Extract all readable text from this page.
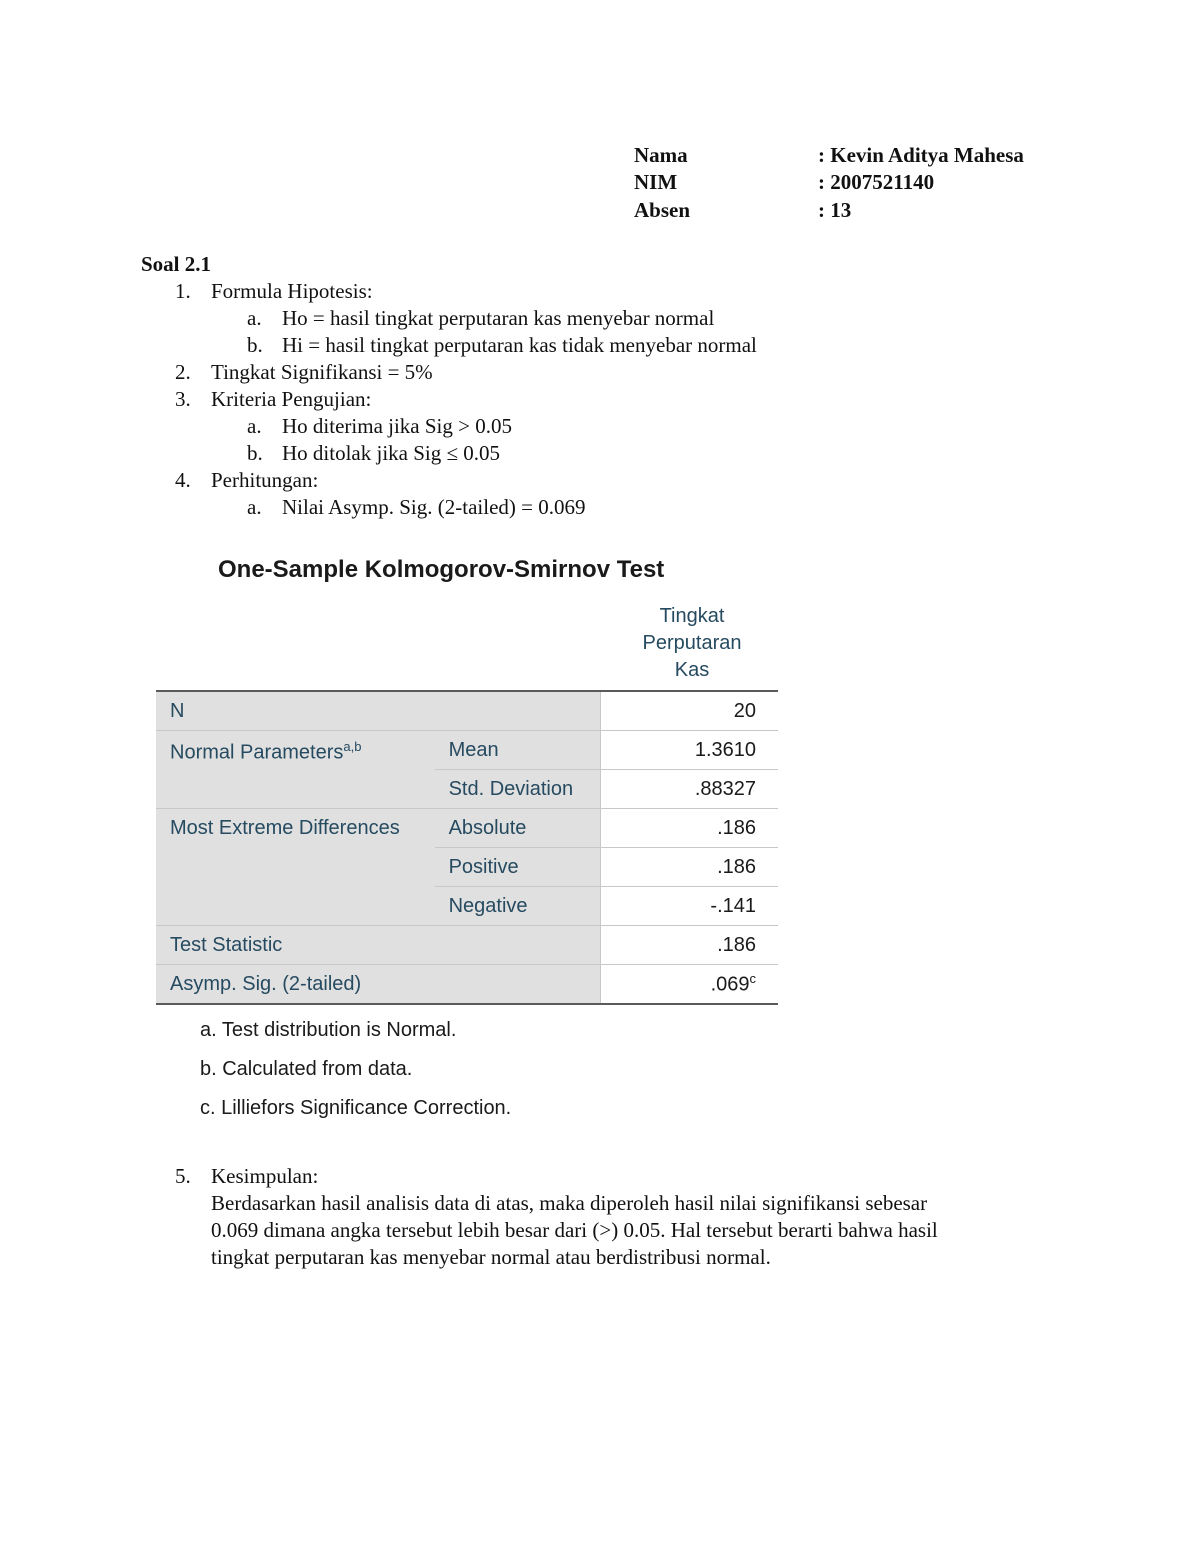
Nama	: Kevin Aditya Mahesa
NIM	: 2007521140
Absen	: 13
Soal 2.1
1. Formula Hipotesis:
a. Ho = hasil tingkat perputaran kas menyebar normal
b. Hi = hasil tingkat perputaran kas tidak menyebar normal
2. Tingkat Signifikansi = 5%
3. Kriteria Pengujian:
a. Ho diterima jika Sig > 0.05
b. Ho ditolak jika Sig ≤ 0.05
4. Perhitungan:
a. Nilai Asymp. Sig. (2-tailed) = 0.069
One-Sample Kolmogorov-Smirnov Test
Tingkat
Perputaran
Kas
N		20
Normal Parameters$^{a,b}$	Mean	1.3610
	Std. Deviation	.88327
Most Extreme Differences	Absolute	.186
	Positive	.186
	Negative	-.141
Test Statistic		.186
Asymp. Sig. (2-tailed)		.069$^c$
a. Test distribution is Normal.
b. Calculated from data.
c. Lilliefors Significance Correction.
5. Kesimpulan:
Berdasarkan hasil analisis data di atas, maka diperoleh hasil nilai signifikansi sebesar
0.069 dimana angka tersebut lebih besar dari (>) 0.05. Hal tersebut berarti bahwa hasil
tingkat perputaran kas menyebar normal atau berdistribusi normal.
